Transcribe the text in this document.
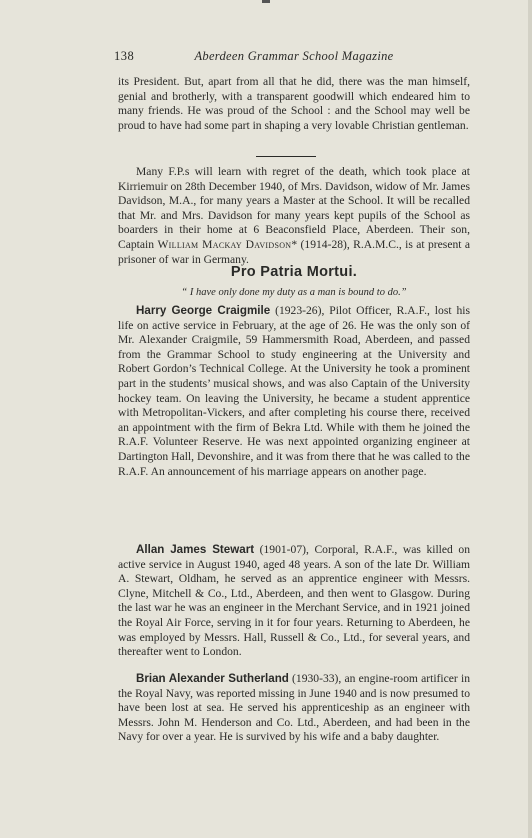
138	Aberdeen Grammar School Magazine

its President. But, apart from all that he did, there was the man himself, genial and brotherly, with a transparent goodwill which endeared him to many friends. He was proud of the School : and the School may well be proud to have had some part in shaping a very lovable Christian gentleman.

Many F.P.s will learn with regret of the death, which took place at Kirriemuir on 28th December 1940, of Mrs. Davidson, widow of Mr. James Davidson, M.A., for many years a Master at the School. It will be recalled that Mr. and Mrs. Davidson for many years kept pupils of the School as boarders in their home at 6 Beaconsfield Place, Aberdeen. Their son, Captain William Mackay Davidson* (1914-28), R.A.M.C., is at present a prisoner of war in Germany.

Pro Patria Mortui.
“ I have only done my duty as a man is bound to do.”

Harry George Craigmile (1923-26), Pilot Officer, R.A.F., lost his life on active service in February, at the age of 26. He was the only son of Mr. Alexander Craigmile, 59 Hammersmith Road, Aberdeen, and passed from the Grammar School to study engineering at the University and Robert Gordon’s Technical College. At the University he took a prominent part in the students’ musical shows, and was also Captain of the University hockey team. On leaving the University, he became a student apprentice with Metropolitan-Vickers, and after completing his course there, received an appointment with the firm of Bekra Ltd. While with them he joined the R.A.F. Volunteer Reserve. He was next appointed organizing engineer at Dartington Hall, Devonshire, and it was from there that he was called to the R.A.F. An announcement of his marriage appears on another page.

Allan James Stewart (1901-07), Corporal, R.A.F., was killed on active service in August 1940, aged 48 years. A son of the late Dr. William A. Stewart, Oldham, he served as an apprentice engineer with Messrs. Clyne, Mitchell & Co., Ltd., Aberdeen, and then went to Glasgow. During the last war he was an engineer in the Merchant Service, and in 1921 joined the Royal Air Force, serving in it for four years. Returning to Aberdeen, he was employed by Messrs. Hall, Russell & Co., Ltd., for several years, and thereafter went to London.

Brian Alexander Sutherland (1930-33), an engine-room artificer in the Royal Navy, was reported missing in June 1940 and is now presumed to have been lost at sea. He served his apprenticeship as an engineer with Messrs. John M. Henderson and Co. Ltd., Aberdeen, and had been in the Navy for over a year. He is survived by his wife and a baby daughter.
